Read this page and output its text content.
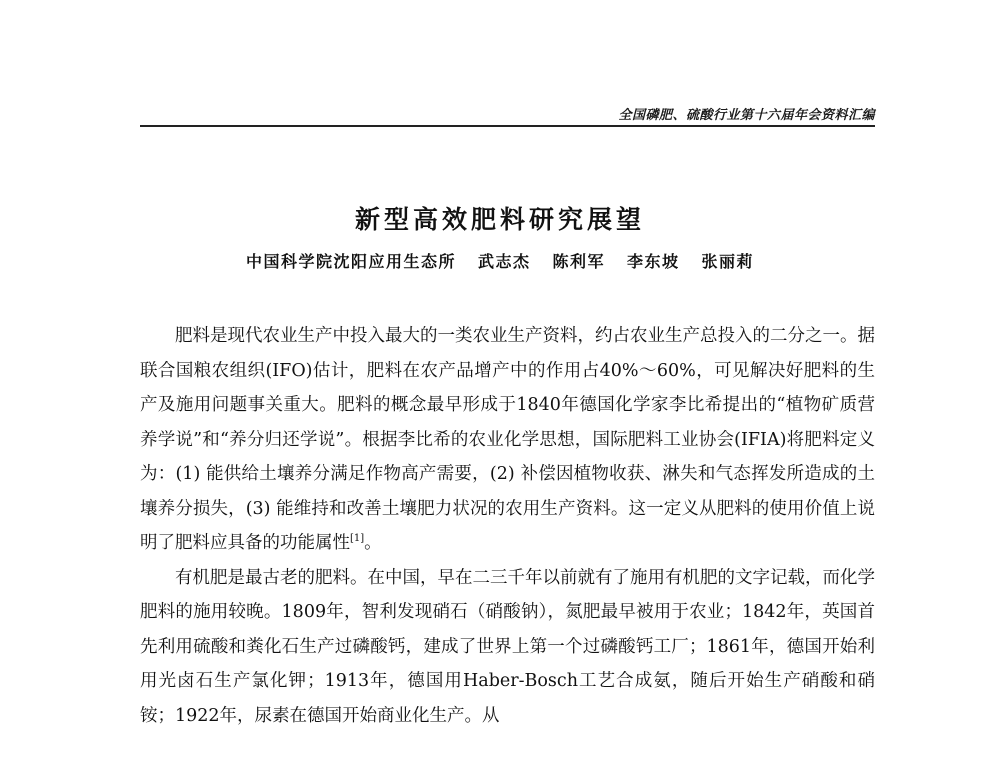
全国磷肥、硫酸行业第十六届年会资料汇编
新型高效肥料研究展望
中国科学院沈阳应用生态所 武志杰 陈利军 李东坡 张丽莉

肥料是现代农业生产中投入最大的一类农业生产资料，约占农业生产总投入的二分之一。据联合国粮农组织(IFO)估计，肥料在农产品增产中的作用占40%～60%，可见解决好肥料的生产及施用问题事关重大。肥料的概念最早形成于1840年德国化学家李比希提出的“植物矿质营养学说”和“养分归还学说”。根据李比希的农业化学思想，国际肥料工业协会(IFIA)将肥料定义为：(1) 能供给土壤养分满足作物高产需要，(2) 补偿因植物收获、淋失和气态挥发所造成的土壤养分损失，(3) 能维持和改善土壤肥力状况的农用生产资料。这一定义从肥料的使用价值上说明了肥料应具备的功能属性[1]。

有机肥是最古老的肥料。在中国，早在二三千年以前就有了施用有机肥的文字记载，而化学肥料的施用较晚。1809年，智利发现硝石（硝酸钠），氮肥最早被用于农业；1842年，英国首先利用硫酸和粪化石生产过磷酸钙，建成了世界上第一个过磷酸钙工厂；1861年，德国开始利用光卤石生产氯化钾；1913年，德国用Haber-Bosch工艺合成氨，随后开始生产硝酸和硝铵；1922年，尿素在德国开始商业化生产。从
